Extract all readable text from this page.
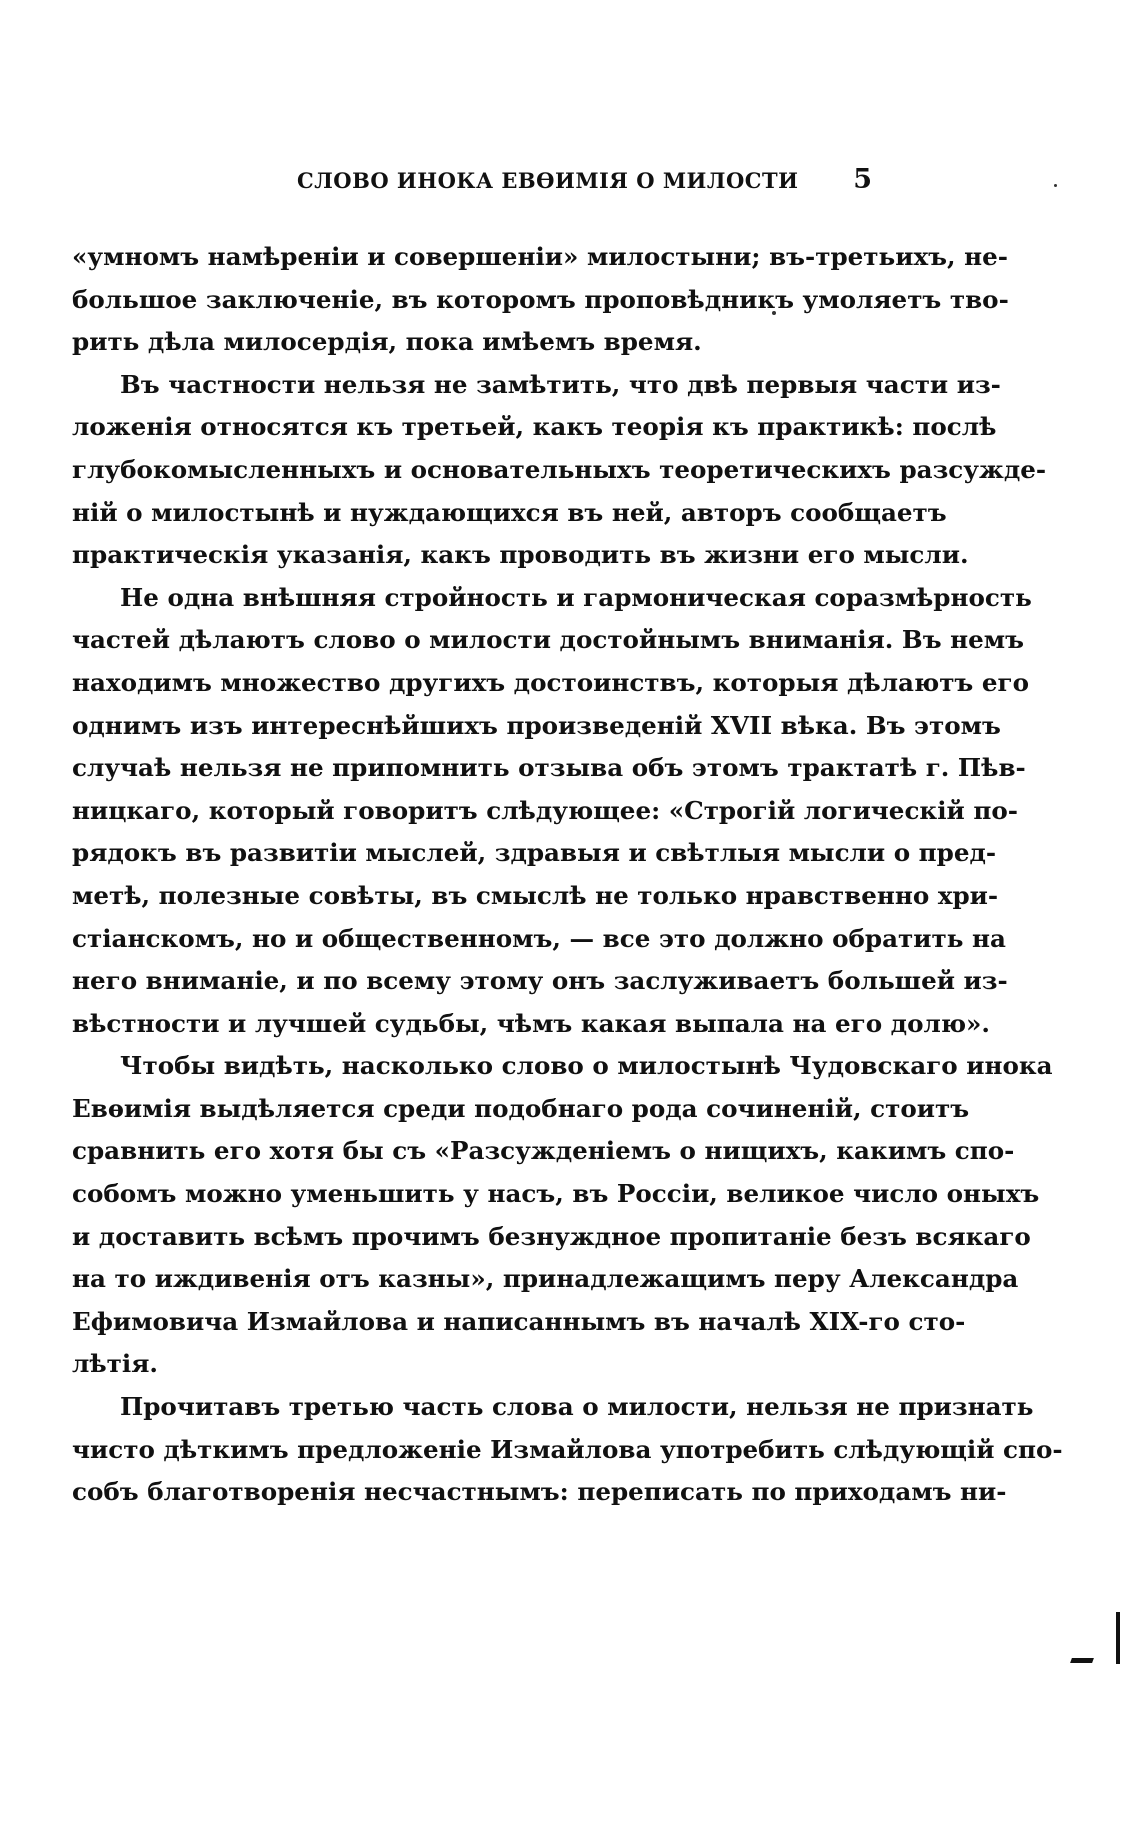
СЛОВО ИНОКА ЕВѲИМІЯ О МИЛОСТИ 5

«умномъ намѣреніи и совершеніи» милостыни; въ-третьихъ, не-
большое заключеніе, въ которомъ проповѣдникъ умоляетъ тво-
рить дѣла милосердія, пока имѣемъ время.

Въ частности нельзя не замѣтить, что двѣ первыя части из-
ложенія относятся къ третьей, какъ теорія къ практикѣ: послѣ
глубокомысленныхъ и основательныхъ теоретическихъ разсужде-
ній о милостынѣ и нуждающихся въ ней, авторъ сообщаетъ
практическія указанія, какъ проводить въ жизни его мысли.

Не одна внѣшняя стройность и гармоническая соразмѣрность
частей дѣлаютъ слово о милости достойнымъ вниманія. Въ немъ
находимъ множество другихъ достоинствъ, которыя дѣлаютъ его
однимъ изъ интереснѣйшихъ произведеній XVII вѣка. Въ этомъ
случаѣ нельзя не припомнить отзыва объ этомъ трактатѣ г. Пѣв-
ницкаго, который говоритъ слѣдующее: «Строгій логическій по-
рядокъ въ развитіи мыслей, здравыя и свѣтлыя мысли о пред-
метѣ, полезные совѣты, въ смыслѣ не только нравственно хри-
стіанскомъ, но и общественномъ, — все это должно обратить на
него вниманіе, и по всему этому онъ заслуживаетъ большей из-
вѣстности и лучшей судьбы, чѣмъ какая выпала на его долю».

Чтобы видѣть, насколько слово о милостынѣ Чудовскаго инока
Евѳимія выдѣляется среди подобнаго рода сочиненій, стоитъ
сравнить его хотя бы съ «Разсужденіемъ о нищихъ, какимъ спо-
собомъ можно уменьшить у насъ, въ Россіи, великое число оныхъ
и доставить всѣмъ прочимъ безнуждное пропитаніе безъ всякаго
на то иждивенія отъ казны», принадлежащимъ перу Александра
Ефимовича Измайлова и написаннымъ въ началѣ XIX-го сто-
лѣтія.

Прочитавъ третью часть слова о милости, нельзя не признать
чисто дѣткимъ предложеніе Измайлова употребить слѣдующій спо-
собъ благотворенія несчастнымъ: переписать по приходамъ ни-
